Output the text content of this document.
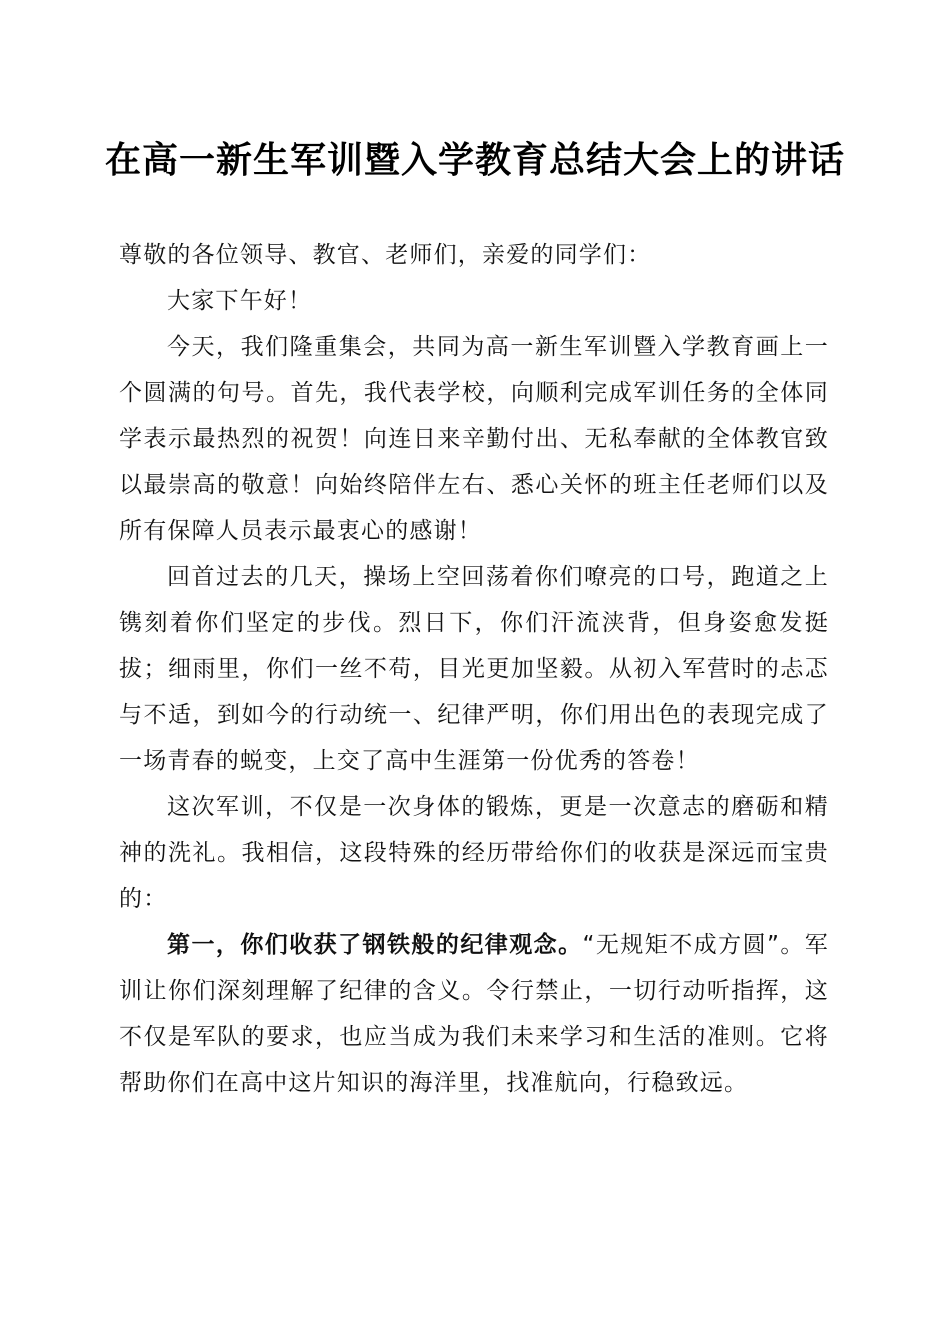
在高一新生军训暨入学教育总结大会上的讲话

尊敬的各位领导、教官、老师们，亲爱的同学们：

大家下午好！

今天，我们隆重集会，共同为高一新生军训暨入学教育画上一个圆满的句号。首先，我代表学校，向顺利完成军训任务的全体同学表示最热烈的祝贺！向连日来辛勤付出、无私奉献的全体教官致以最崇高的敬意！向始终陪伴左右、悉心关怀的班主任老师们以及所有保障人员表示最衷心的感谢！

回首过去的几天，操场上空回荡着你们嘹亮的口号，跑道之上镌刻着你们坚定的步伐。烈日下，你们汗流浃背，但身姿愈发挺拔；细雨里，你们一丝不苟，目光更加坚毅。从初入军营时的忐忑与不适，到如今的行动统一、纪律严明，你们用出色的表现完成了一场青春的蜕变，上交了高中生涯第一份优秀的答卷！

这次军训，不仅是一次身体的锻炼，更是一次意志的磨砺和精神的洗礼。我相信，这段特殊的经历带给你们的收获是深远而宝贵的：

第一，你们收获了钢铁般的纪律观念。“无规矩不成方圆”。军训让你们深刻理解了纪律的含义。令行禁止，一切行动听指挥，这不仅是军队的要求，也应当成为我们未来学习和生活的准则。它将帮助你们在高中这片知识的海洋里，找准航向，行稳致远。
